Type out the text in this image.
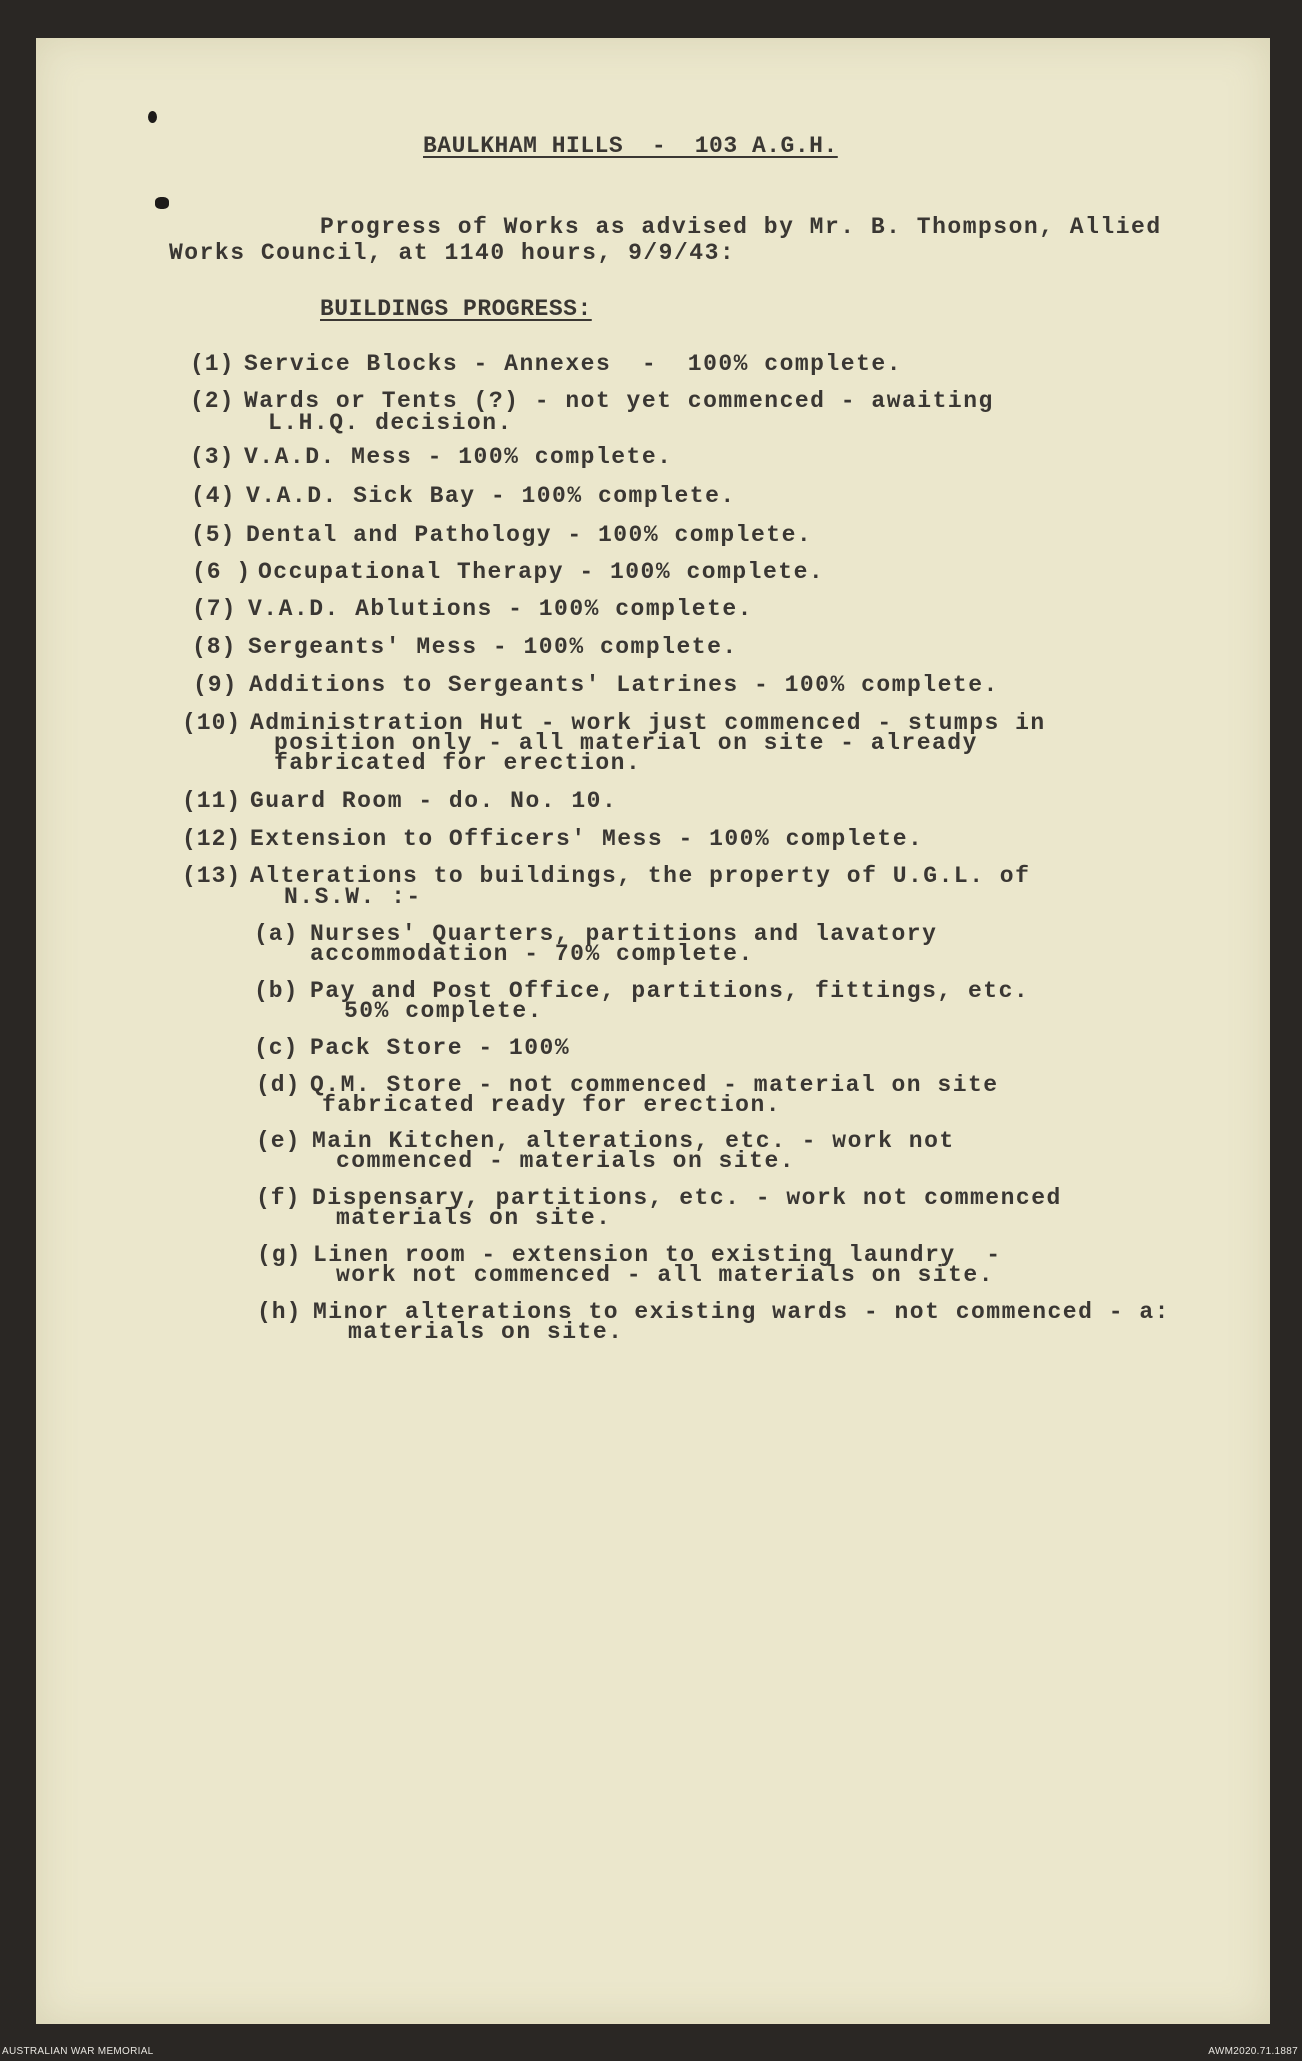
BAULKHAM HILLS  -  103 A.G.H.
Progress of Works as advised by Mr. B. Thompson, Allied
Works Council, at 1140 hours, 9/9/43:
BUILDINGS PROGRESS:
(1) Service Blocks - Annexes  -  100% complete.
(2) Wards or Tents (?) - not yet commenced - awaiting
L.H.Q. decision.
(3) V.A.D. Mess - 100% complete.
(4) V.A.D. Sick Bay - 100% complete.
(5) Dental and Pathology - 100% complete.
(6 ) Occupational Therapy - 100% complete.
(7) V.A.D. Ablutions - 100% complete.
(8) Sergeants' Mess - 100% complete.
(9) Additions to Sergeants' Latrines - 100% complete.
(10) Administration Hut - work just commenced - stumps in
position only - all material on site - already
fabricated for erection.
(11) Guard Room - do. No. 10.
(12) Extension to Officers' Mess - 100% complete.
(13) Alterations to buildings, the property of U.G.L. of
N.S.W. :-
(a) Nurses' Quarters, partitions and lavatory
accommodation - 70% complete.
(b) Pay and Post Office, partitions, fittings, etc.
50% complete.
(c) Pack Store - 100%
(d) Q.M. Store - not commenced - material on site
fabricated ready for erection.
(e) Main Kitchen, alterations, etc. - work not
commenced - materials on site.
(f) Dispensary, partitions, etc. - work not commenced
materials on site.
(g) Linen room - extension to existing laundry  -
work not commenced - all materials on site.
(h) Minor alterations to existing wards - not commenced - a:
materials on site.
AUSTRALIAN WAR MEMORIAL	AWM2020.71.1887
